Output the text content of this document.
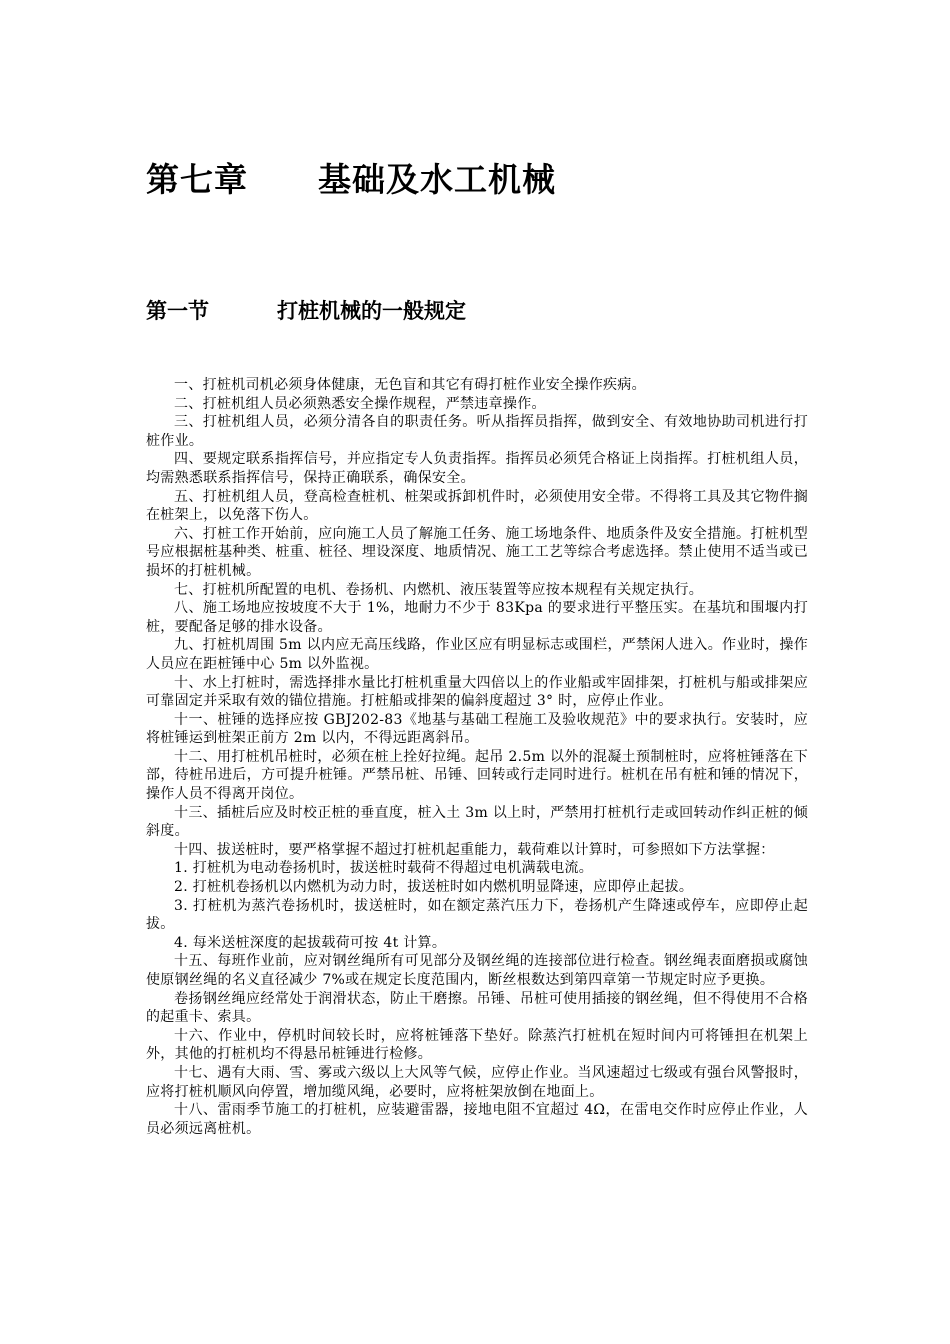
第七章 基础及水工机械
第一节	打桩机械的一般规定

一、打桩机司机必须身体健康，无色盲和其它有碍打桩作业安全操作疾病。

二、打桩机组人员必须熟悉安全操作规程，严禁违章操作。

三、打桩机组人员，必须分清各自的职责任务。听从指挥员指挥，做到安全、有效地协助司机进行打桩作业。

四、要规定联系指挥信号，并应指定专人负责指挥。指挥员必须凭合格证上岗指挥。打桩机组人员，均需熟悉联系指挥信号，保持正确联系，确保安全。

五、打桩机组人员，登高检查桩机、桩架或拆卸机件时，必须使用安全带。不得将工具及其它物件搁在桩架上，以免落下伤人。

六、打桩工作开始前，应向施工人员了解施工任务、施工场地条件、地质条件及安全措施。打桩机型号应根据桩基种类、桩重、桩径、埋设深度、地质情况、施工工艺等综合考虑选择。禁止使用不适当或已损坏的打桩机械。

七、打桩机所配置的电机、卷扬机、内燃机、液压装置等应按本规程有关规定执行。

八、施工场地应按坡度不大于 1%，地耐力不少于 83Kpa 的要求进行平整压实。在基坑和围堰内打桩，要配备足够的排水设备。

九、打桩机周围 5m 以内应无高压线路，作业区应有明显标志或围栏，严禁闲人进入。作业时，操作人员应在距桩锤中心 5m 以外监视。

十、水上打桩时，需选择排水量比打桩机重量大四倍以上的作业船或牢固排架，打桩机与船或排架应可靠固定并采取有效的锚位措施。打桩船或排架的偏斜度超过 3° 时，应停止作业。

十一、桩锤的选择应按 GBJ202-83《地基与基础工程施工及验收规范》中的要求执行。安装时，应将桩锤运到桩架正前方 2m 以内，不得远距离斜吊。

十二、用打桩机吊桩时，必须在桩上拴好拉绳。起吊 2.5m 以外的混凝土预制桩时，应将桩锤落在下部，待桩吊进后，方可提升桩锤。严禁吊桩、吊锤、回转或行走同时进行。桩机在吊有桩和锤的情况下，操作人员不得离开岗位。

十三、插桩后应及时校正桩的垂直度，桩入土 3m 以上时，严禁用打桩机行走或回转动作纠正桩的倾斜度。

十四、拔送桩时，要严格掌握不超过打桩机起重能力，载荷难以计算时，可参照如下方法掌握：

1. 打桩机为电动卷扬机时，拔送桩时载荷不得超过电机满载电流。

2. 打桩机卷扬机以内燃机为动力时，拔送桩时如内燃机明显降速，应即停止起拔。

3. 打桩机为蒸汽卷扬机时，拔送桩时，如在额定蒸汽压力下，卷扬机产生降速或停车，应即停止起拔。

4. 每米送桩深度的起拔载荷可按 4t 计算。

十五、每班作业前，应对钢丝绳所有可见部分及钢丝绳的连接部位进行检查。钢丝绳表面磨损或腐蚀使原钢丝绳的名义直径减少 7%或在规定长度范围内，断丝根数达到第四章第一节规定时应予更换。

卷扬钢丝绳应经常处于润滑状态，防止干磨擦。吊锤、吊桩可使用插接的钢丝绳，但不得使用不合格的起重卡、索具。

十六、作业中，停机时间较长时，应将桩锤落下垫好。除蒸汽打桩机在短时间内可将锤担在机架上外，其他的打桩机均不得悬吊桩锤进行检修。

十七、遇有大雨、雪、雾或六级以上大风等气候，应停止作业。当风速超过七级或有强台风警报时，应将打桩机顺风向停置，增加缆风绳，必要时，应将桩架放倒在地面上。

十八、雷雨季节施工的打桩机，应装避雷器，接地电阻不宜超过 4Ω，在雷电交作时应停止作业，人员必须远离桩机。
